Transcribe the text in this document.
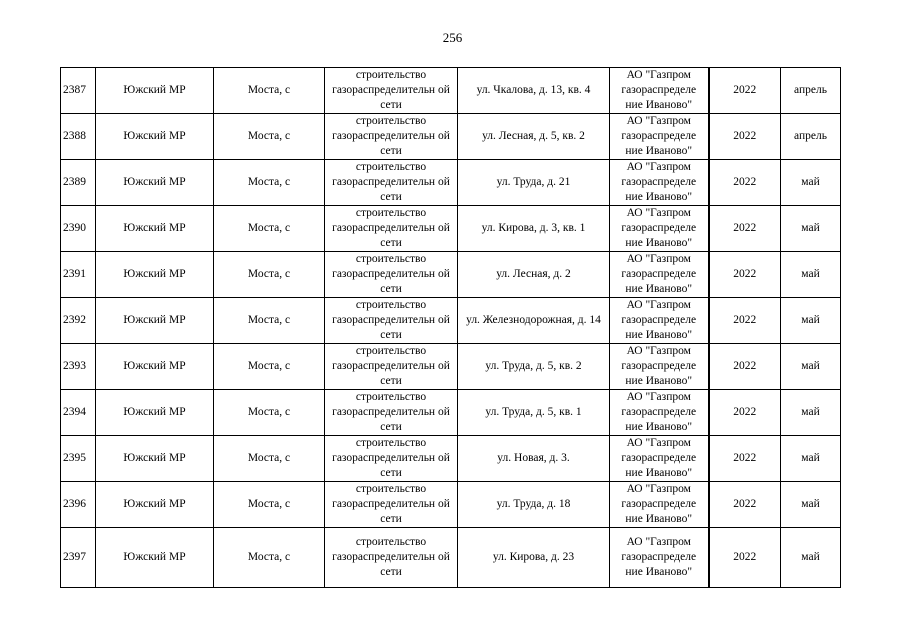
256
2387	Южский МР	Моста, с	строительство газораспределительн ой сети	ул. Чкалова, д. 13, кв. 4	АО "Газпром газораспределе ние Иваново"	2022	апрель

2388	Южский МР	Моста, с	строительство газораспределительн ой сети	ул. Лесная, д. 5, кв. 2	АО "Газпром газораспределе ние Иваново"	2022	апрель

2389	Южский МР	Моста, с	строительство газораспределительн ой сети	ул. Труда, д. 21	АО "Газпром газораспределе ние Иваново"	2022	май

2390	Южский МР	Моста, с	строительство газораспределительн ой сети	ул. Кирова, д. 3, кв. 1	АО "Газпром газораспределе ние Иваново"	2022	май

2391	Южский МР	Моста, с	строительство газораспределительн ой сети	ул. Лесная, д. 2	АО "Газпром газораспределе ние Иваново"	2022	май

2392	Южский МР	Моста, с	строительство газораспределительн ой сети	ул. Железнодорожная, д. 14	АО "Газпром газораспределе ние Иваново"	2022	май

2393	Южский МР	Моста, с	строительство газораспределительн ой сети	ул. Труда, д. 5, кв. 2	АО "Газпром газораспределе ние Иваново"	2022	май

2394	Южский МР	Моста, с	строительство газораспределительн ой сети	ул. Труда, д. 5, кв. 1	АО "Газпром газораспределе ние Иваново"	2022	май

2395	Южский МР	Моста, с	строительство газораспределительн ой сети	ул. Новая, д. 3.	АО "Газпром газораспределе ние Иваново"	2022	май

2396	Южский МР	Моста, с	строительство газораспределительн ой сети	ул. Труда, д. 18	АО "Газпром газораспределе ние Иваново"	2022	май

2397	Южский МР	Моста, с	строительство газораспределительн ой сети	ул. Кирова, д. 23	АО "Газпром газораспределе ние Иваново"	2022	май
